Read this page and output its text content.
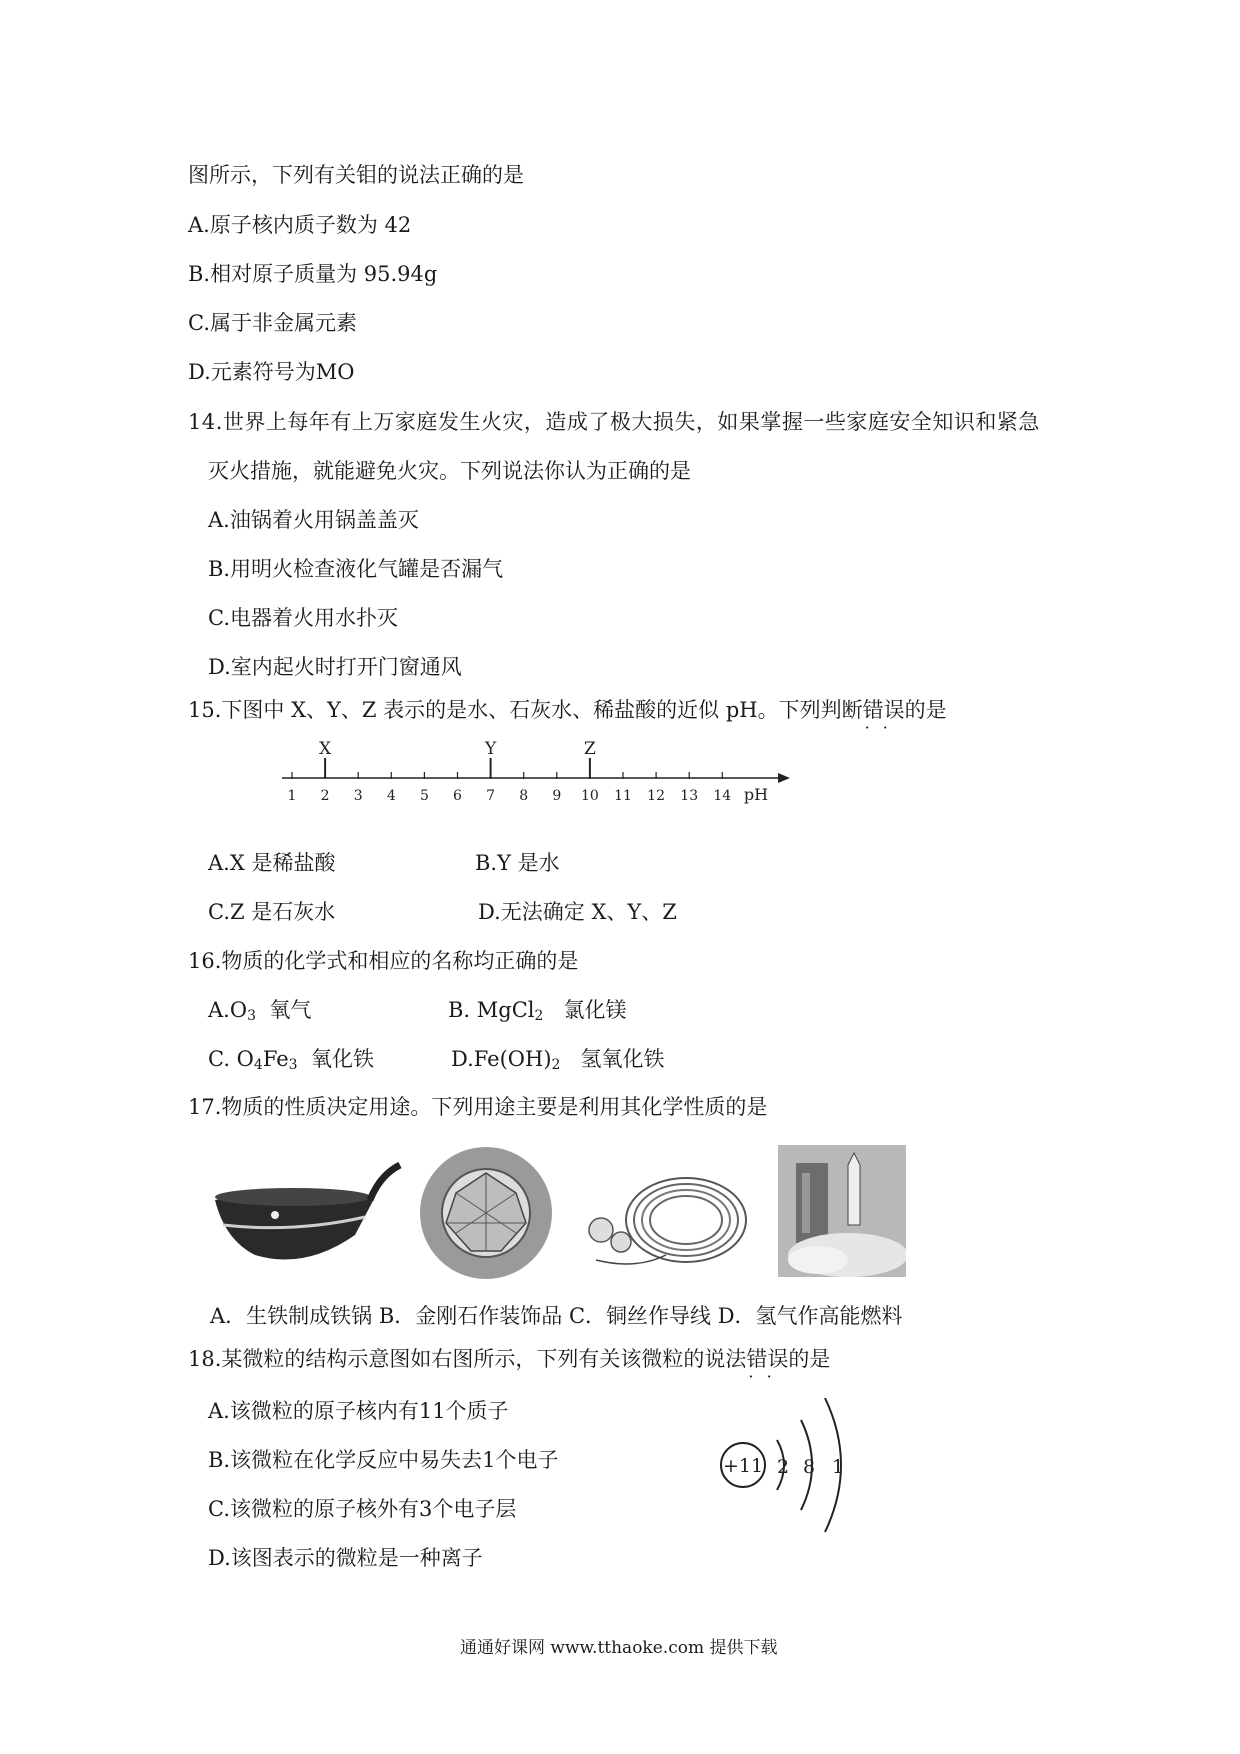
图所示，下列有关钼的说法正确的是
A.原子核内质子数为 42
B.相对原子质量为 95.94g
C.属于非金属元素
D.元素符号为MO
14.世界上每年有上万家庭发生火灾，造成了极大损失，如果掌握一些家庭安全知识和紧急
灭火措施，就能避免火灾。下列说法你认为正确的是
A.油锅着火用锅盖盖灭
B.用明火检查液化气罐是否漏气
C.电器着火用水扑灭
D.室内起火时打开门窗通风
15.下图中 X、Y、Z 表示的是水、石灰水、稀盐酸的近似 pH。下列判断错误 · ·的是
1 2 3 4 5 6 7 8 9 10 11 12 13 14 pH
X	Y	Z
A.X 是稀盐酸	B.Y 是水
C.Z 是石灰水	D.无法确定 X、Y、Z
16.物质的化学式和相应的名称均正确的是
$A.O_3$ 氧气	B. MgCl$_2$ 氯化镁
C. $O_4Fe_3$ 氧化铁	$D.Fe(OH)_2$ 氢氧化铁
17.物质的性质决定用途。下列用途主要是利用其化学性质的是
A．生铁制成铁锅 B．金刚石作装饰品 C．铜丝作导线 D．氢气作高能燃料
18.某微粒的结构示意图如右图所示，下列有关该微粒的说法错误 · ·的是
A.该微粒的原子核内有11个质子
B.该微粒在化学反应中易失去1个电子
C.该微粒的原子核外有3个电子层
D.该图表示的微粒是一种离子
+11 2 8 1
通通好课网 www.tthaoke.com 提供下载
